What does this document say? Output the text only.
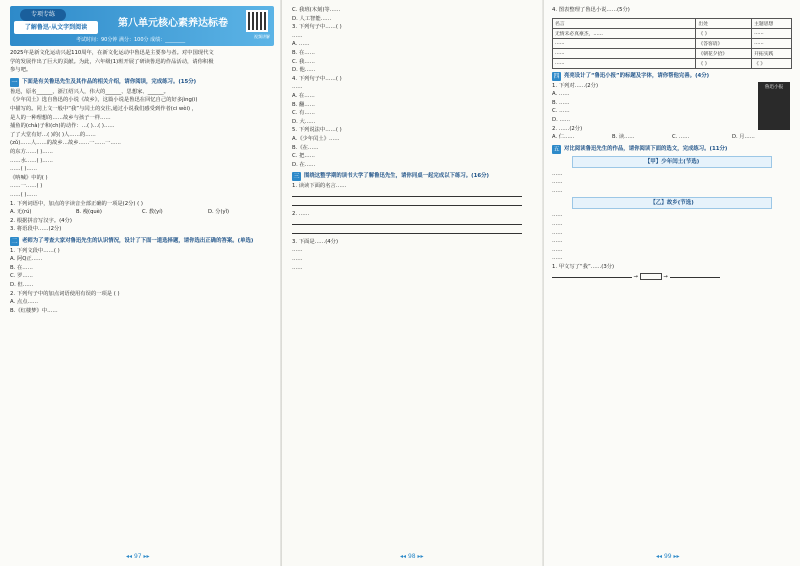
专项专练
了解鲁迅·从文字到阅读	第八单元核心素养达标卷
考试时间：90分钟 满分：100分 成绩：________
视频讲解
2025年是新文化运动兴起110周年，在新文化运动中鲁迅是主要参与者。对中国现代文
学的发展作出了巨大的贡献。为此，六年级(1)班开展了研读鲁迅的作品活动，请你积极
参与吧。
一 下面是有关鲁迅先生及其作品的相关介绍，请你阅读，完成练习。(15分)
鲁迅，原名______，浙江绍兴人，伟大的______、思想家、______。
《少年闰土》选自鲁迅的小说《故乡》，这篇小说是鲁迅在回忆自己的好多jìng(i)
中描写的。同上文一般中“我”与闰土的交往,通过小说我们感受到作者(ci wèi) ，
是人的一种理想的……故乡与孩子一样……
捕鱼的(chà)子和(ch)的动作：…( )…( )……
了了大堂有好…( )的( )人……的……
(zǔ)……人……的故乡…故乡……一……一……
的东方……( )……
……水……( )……
……( )……
《呐喊》中的( )
……一……( )
……( )……
1. 下列词语中，加点的字读音全部正确的一项是(2分) ( )
A. 无(rú)	B. 瘦(què)	C. 教(yí)	D. 分(yǐ)
2. 根据拼音写汉字。(4分)
3. 将语段中……(2分)
二 老师为了考查大家对鲁迅先生的认识情况，设计了下面一道选择题，请你选出正确的答案。(单选)
1. 下列文段中……( )
A. 阿Q正……
B. 在……
C. 罗……
D. 但……
2. 下列句子中的加点词语使用有误的一项是 ( )
A. 点点……
B.《红楼梦》中……
◂◂ 97 ▸▸
C. 我班(木刻)等……
D. 人工智能……
3. 下列句子中……( )
……
A. ……
B. 在……
C. 我……
D. 他……
4. 下列句子中……( )
……
A. 在……
B. 翻……
C. 有……
D. 大……
5. 下列说法中……( )
A.《少年闰土》……
B.《在……
C. 把……
D. 在……
三 围绕这整学期的读书大学了解鲁迅先生，请你同桌一起完成以下练习。(16分)
1. 读读下面的名言……
2. ……
3. 下面是……(4分)
……
……
……
◂◂ 98 ▸▸
4. 图表整理了鲁迅小说……(5分)
名言	出处	主题思想
无情未必真豪杰，……	《 》	……
……	《答客诮》	……
……	《朝花夕拾》	开拓实践
……	《 》	《 》
四 亮亮设计了“鲁迅小报”的标题及字体，请你帮他完善。(4分)
鲁迅小报
1. 下列对……(2分)
A. ……
B. ……
C. ……
D. ……
2. ……(2分)
A. 仁……	B. 读……	C. ……	D. 月……
五 对比阅读鲁迅先生的作品，请你阅读下面的选文，完成练习。(11分)
【甲】少年闰土(节选)
……
……
……
【乙】故乡(节选)
……
……
……
……
……
……
1. 甲文写了“我”……(3分)
→	→
◂◂ 99 ▸▸
